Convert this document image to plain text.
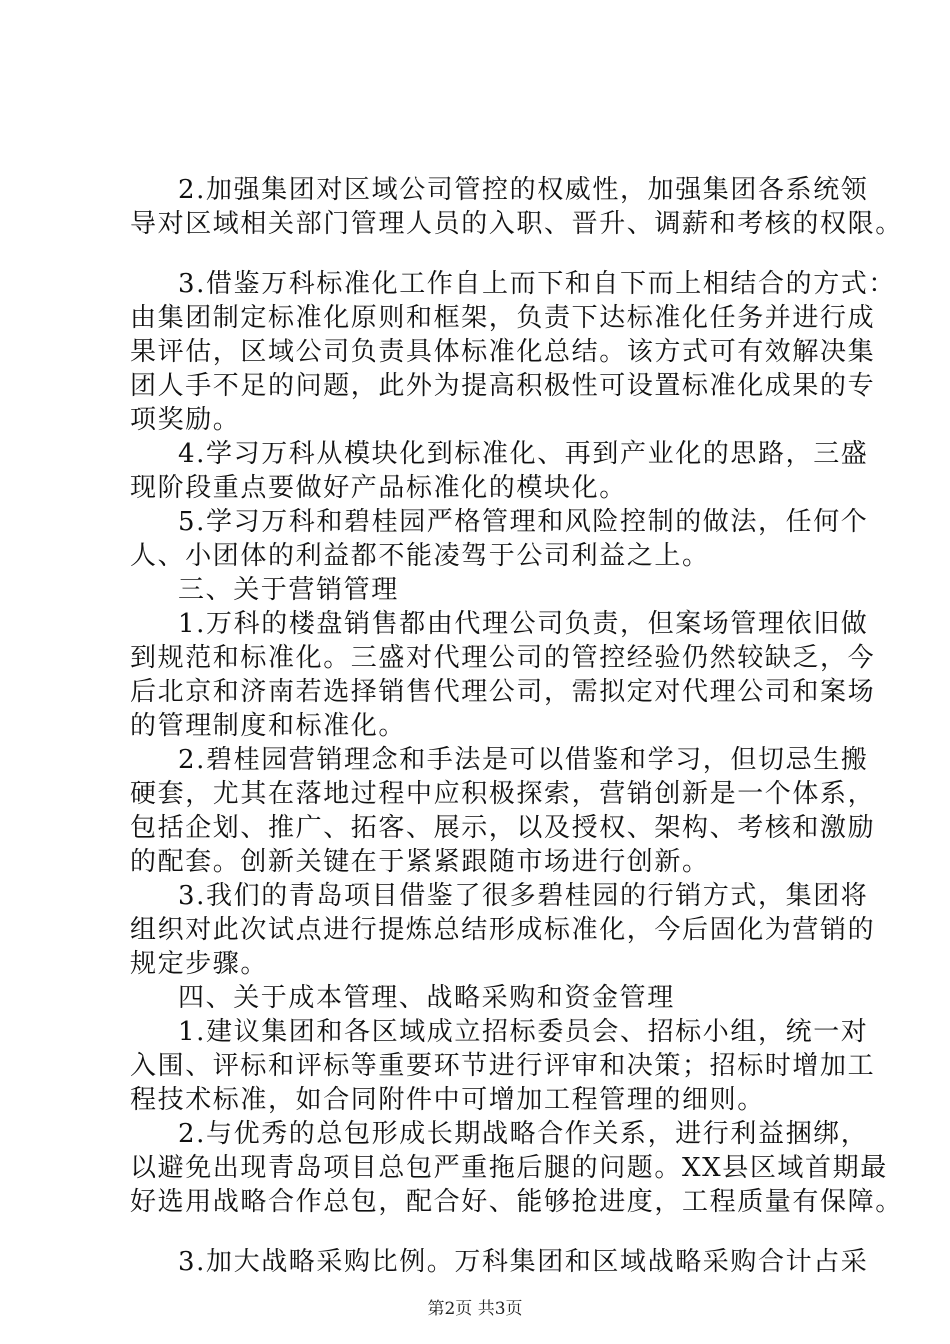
2.加强集团对区域公司管控的权威性，加强集团各系统领
导对区域相关部门管理人员的入职、晋升、调薪和考核的权限。
3.借鉴万科标准化工作自上而下和自下而上相结合的方式：
由集团制定标准化原则和框架，负责下达标准化任务并进行成
果评估，区域公司负责具体标准化总结。该方式可有效解决集
团人手不足的问题，此外为提高积极性可设置标准化成果的专
项奖励。
4.学习万科从模块化到标准化、再到产业化的思路，三盛
现阶段重点要做好产品标准化的模块化。
5.学习万科和碧桂园严格管理和风险控制的做法，任何个
人、小团体的利益都不能凌驾于公司利益之上。
三、关于营销管理
1.万科的楼盘销售都由代理公司负责，但案场管理依旧做
到规范和标准化。三盛对代理公司的管控经验仍然较缺乏，今
后北京和济南若选择销售代理公司，需拟定对代理公司和案场
的管理制度和标准化。
2.碧桂园营销理念和手法是可以借鉴和学习，但切忌生搬
硬套，尤其在落地过程中应积极探索，营销创新是一个体系，
包括企划、推广、拓客、展示，以及授权、架构、考核和激励
的配套。创新关键在于紧紧跟随市场进行创新。
3.我们的青岛项目借鉴了很多碧桂园的行销方式，集团将
组织对此次试点进行提炼总结形成标准化，今后固化为营销的
规定步骤。
四、关于成本管理、战略采购和资金管理
1.建议集团和各区域成立招标委员会、招标小组，统一对
入围、评标和评标等重要环节进行评审和决策；招标时增加工
程技术标准，如合同附件中可增加工程管理的细则。
2.与优秀的总包形成长期战略合作关系，进行利益捆绑，
以避免出现青岛项目总包严重拖后腿的问题。XX县区域首期最
好选用战略合作总包，配合好、能够抢进度，工程质量有保障。
3.加大战略采购比例。万科集团和区域战略采购合计占采
第2页 共3页
